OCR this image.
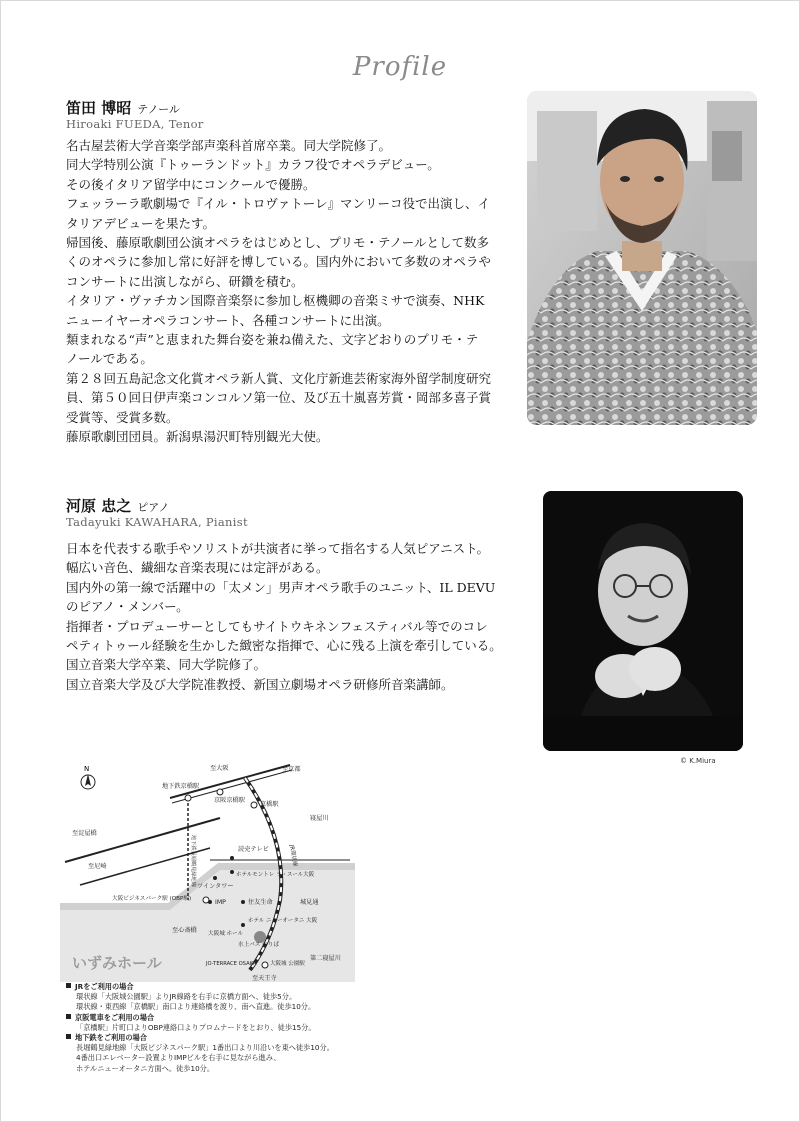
Profile
笛田 博昭 テノール
Hiroaki FUEDA, Tenor
名古屋芸術大学音楽学部声楽科首席卒業。同大学院修了。
同大学特別公演『トゥーランドット』カラフ役でオペラデビュー。
その後イタリア留学中にコンクールで優勝。
フェッラーラ歌劇場で『イル・トロヴァトーレ』マンリーコ役で出演し、イ
タリアデビューを果たす。
帰国後、藤原歌劇団公演オペラをはじめとし、プリモ・テノールとして数多
くのオペラに参加し常に好評を博している。国内外において多数のオペラや
コンサートに出演しながら、研鑽を積む。
イタリア・ヴァチカン国際音楽祭に参加し枢機卿の音楽ミサで演奏、NHK
ニューイヤーオペラコンサート、各種コンサートに出演。
類まれなる“声”と恵まれた舞台姿を兼ね備えた、文字どおりのプリモ・テ
ノールである。
第２８回五島記念文化賞オペラ新人賞、文化庁新進芸術家海外留学制度研究
員、第５０回日伊声楽コンコルソ第一位、及び五十嵐喜芳賞・岡部多喜子賞
受賞等、受賞多数。
藤原歌劇団団員。新潟県湯沢町特別観光大使。
河原 忠之 ピアノ
Tadayuki KAWAHARA, Pianist
日本を代表する歌手やソリストが共演者に挙って指名する人気ピアニスト。
幅広い音色、繊細な音楽表現には定評がある。
国内外の第一線で活躍中の「太メン」男声オペラ歌手のユニット、IL DEVU
のピアノ・メンバー。
指揮者・プロデューサーとしてもサイトウキネンフェスティバル等でのコレ
ペティトゥール経験を生かした緻密な指揮で、心に残る上演を牽引している。
国立音楽大学卒業、同大学院修了。
国立音楽大学及び大学院准教授、新国立劇場オペラ研修所音楽講師。
© K.Miura
N	至大阪	至京都
地下鉄京橋駅
京阪京橋駅
京橋駅
至淀屋橋
至尼崎
寝屋川
読売テレビ
ホテルモントレ ラ・スール大阪
ツインタワー
大阪ビジネスパーク駅 (OBP駅)	IMP	住友生命	城見通
ホテル ニューオータニ 大阪
至心斎橋 大阪城 ホール
水上バス のりば
JO-TERRACE OSAKA 大阪城 公園駅
至天王寺
第二寝屋川
JR環状線
地下鉄長堀鶴見緑地線
いずみホール
JRをご利用の場合
環状線「大阪城公園駅」よりJR線路を右手に京橋方面へ、徒歩5分。
環状線・東西線「京橋駅」南口より連絡橋を渡り、南へ直進。徒歩10分。
京阪電車をご利用の場合
「京橋駅」片町口よりOBP連絡口よりプロムナードをとおり、徒歩15分。
地下鉄をご利用の場合
長堀鶴見緑地線「大阪ビジネスパーク駅」1番出口より川沿いを東へ徒歩10分。
4番出口エレベーター設置よりIMPビルを右手に見ながら進み、
ホテルニューオータニ方面へ。徒歩10分。
